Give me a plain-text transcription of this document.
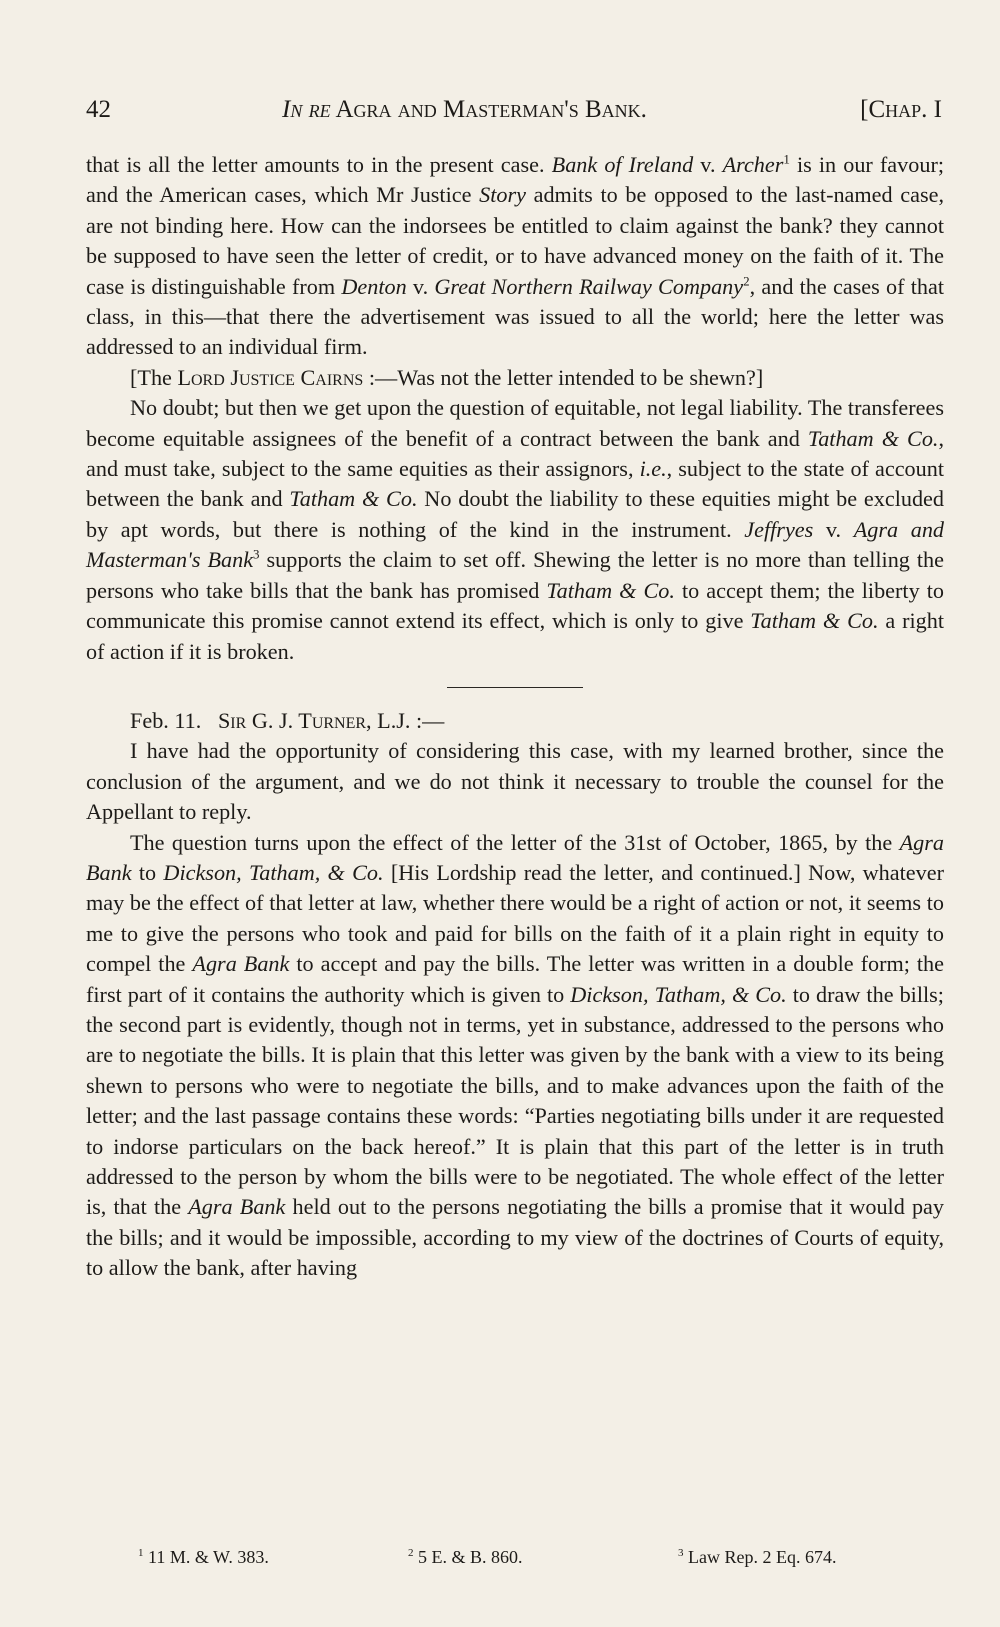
42	In re Agra and Masterman's Bank.	[Chap. I

that is all the letter amounts to in the present case. Bank of Ireland v. Archer$^1$ is in our favour; and the American cases, which Mr Justice Story admits to be opposed to the last-named case, are not binding here. How can the indorsees be entitled to claim against the bank? they cannot be supposed to have seen the letter of credit, or to have advanced money on the faith of it. The case is distinguishable from Denton v. Great Northern Railway Company$^2$, and the cases of that class, in this—that there the advertisement was issued to all the world; here the letter was addressed to an individual firm.

[The Lord Justice Cairns :—Was not the letter intended to be shewn?]

No doubt; but then we get upon the question of equitable, not legal liability. The transferees become equitable assignees of the benefit of a contract between the bank and Tatham & Co., and must take, subject to the same equities as their assignors, i.e., subject to the state of account between the bank and Tatham & Co. No doubt the liability to these equities might be excluded by apt words, but there is nothing of the kind in the instrument. Jeffryes v. Agra and Masterman's Bank$^3$ supports the claim to set off. Shewing the letter is no more than telling the persons who take bills that the bank has promised Tatham & Co. to accept them; the liberty to communicate this promise cannot extend its effect, which is only to give Tatham & Co. a right of action if it is broken.

Feb. 11. Sir G. J. Turner, L.J. :—

I have had the opportunity of considering this case, with my learned brother, since the conclusion of the argument, and we do not think it necessary to trouble the counsel for the Appellant to reply.

The question turns upon the effect of the letter of the 31st of October, 1865, by the Agra Bank to Dickson, Tatham, & Co. [His Lordship read the letter, and continued.] Now, whatever may be the effect of that letter at law, whether there would be a right of action or not, it seems to me to give the persons who took and paid for bills on the faith of it a plain right in equity to compel the Agra Bank to accept and pay the bills. The letter was written in a double form; the first part of it contains the authority which is given to Dickson, Tatham, & Co. to draw the bills; the second part is evidently, though not in terms, yet in substance, addressed to the persons who are to negotiate the bills. It is plain that this letter was given by the bank with a view to its being shewn to persons who were to negotiate the bills, and to make advances upon the faith of the letter; and the last passage contains these words: “Parties negotiating bills under it are requested to indorse particulars on the back hereof.” It is plain that this part of the letter is in truth addressed to the person by whom the bills were to be negotiated. The whole effect of the letter is, that the Agra Bank held out to the persons negotiating the bills a promise that it would pay the bills; and it would be impossible, according to my view of the doctrines of Courts of equity, to allow the bank, after having

$^1$ 11 M. & W. 383.	$^2$ 5 E. & B. 860.	$^3$ Law Rep. 2 Eq. 674.
